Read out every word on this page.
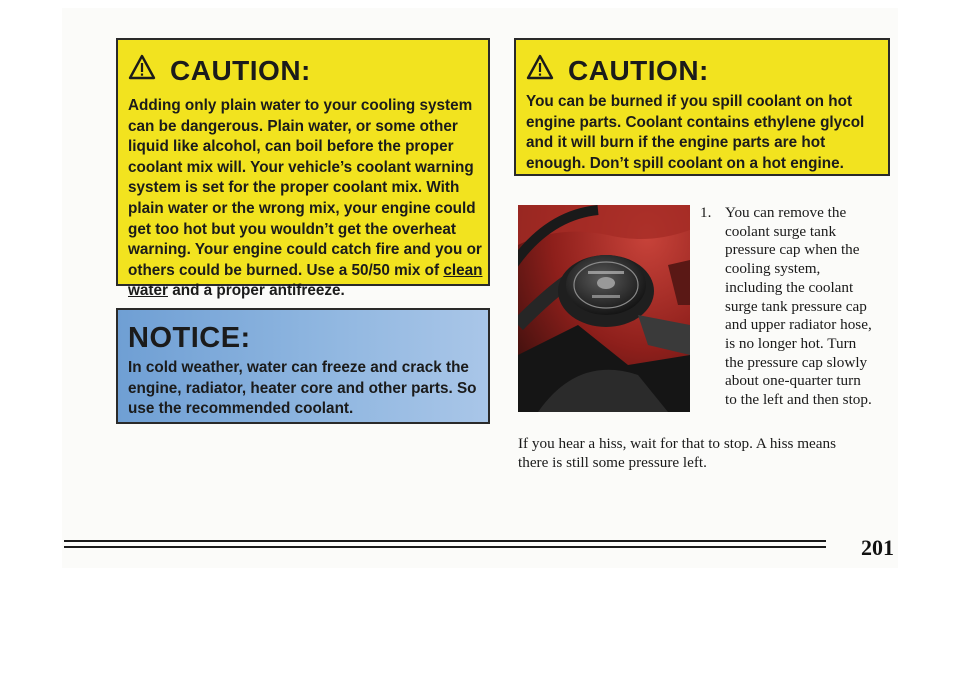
CAUTION:
Adding only plain water to your cooling system
can be dangerous. Plain water, or some other
liquid like alcohol, can boil before the proper
coolant mix will. Your vehicle’s coolant warning
system is set for the proper coolant mix. With
plain water or the wrong mix, your engine could
get too hot but you wouldn’t get the overheat
warning. Your engine could catch fire and you or
others could be burned. Use a 50/50 mix of clean
water and a proper antifreeze.
NOTICE:
In cold weather, water can freeze and crack the
engine, radiator, heater core and other parts. So
use the recommended coolant.
CAUTION:
You can be burned if you spill coolant on hot
engine parts. Coolant contains ethylene glycol
and it will burn if the engine parts are hot
enough. Don’t spill coolant on a hot engine.
1. You can remove the
coolant surge tank
pressure cap when the
cooling system,
including the coolant
surge tank pressure cap
and upper radiator hose,
is no longer hot. Turn
the pressure cap slowly
about one-quarter turn
to the left and then stop.
If you hear a hiss, wait for that to stop. A hiss means
there is still some pressure left.
201
